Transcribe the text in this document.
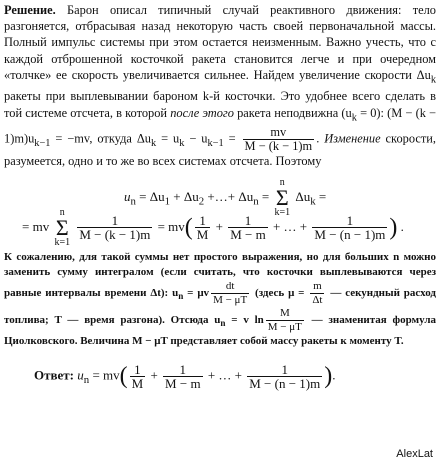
Решение. Барон описал типичный случай реактивного движения: тело разгоняется, отбрасывая назад некоторую часть своей первоначальной массы. Полный импульс системы при этом остается неизменным. Важно учесть, что с каждой отброшенной косточкой ракета становится легче и при очередном «толчке» ее скорость увеличивается сильнее. Найдем увеличение скорости $\Delta u_k$ ракеты при выплевывании бароном k-й косточки. Это удобнее всего сделать в той системе отсчета, в которой после этого ракета неподвижна $(u_k = 0)$: $(M - (k - 1)m)u_{k-1} = -mv$, откуда $\Delta u_k = u_k - u_{k-1} = \frac{mv}{M - (k - 1)m}$ . Изменение скорости, разумеется, одно и то же во всех системах отсчета. Поэтому

$u_n = \Delta u_1 + \Delta u_2$ +…+ $\Delta u_n = n$
Σ
k=1 $\Delta u_k$ =
= mv n
Σ
k=1
$\frac{1}{M - (k - 1)m} = mv( \frac{1}{M} + \frac{1}{M - m}$ + … + $\frac{1}{M - (n - 1)m}$ ) .

К сожалению, для такой суммы нет простого выражения, но для больших n можно заменить сумму интегралом (если считать, что косточки выплевываются через равные интервалы времени Δt): $u_n = \mu v \frac{dt}{M - \mu T}$ (здесь $\mu = \frac{m}{\Delta t}$ — секундный расход топлива; T — время разгона). Отсюда $u_n = v$ $\ln \frac{M}{M - \mu T}$ — знаменитая формула Циолковского. Величина M − μT представляет собой массу ракеты к моменту T.

Ответ: $u_n = mv( \frac{1}{M} + \frac{1}{M - m}$ + … + $\frac{1}{M - (n - 1)m}$ ).
AlexLat
